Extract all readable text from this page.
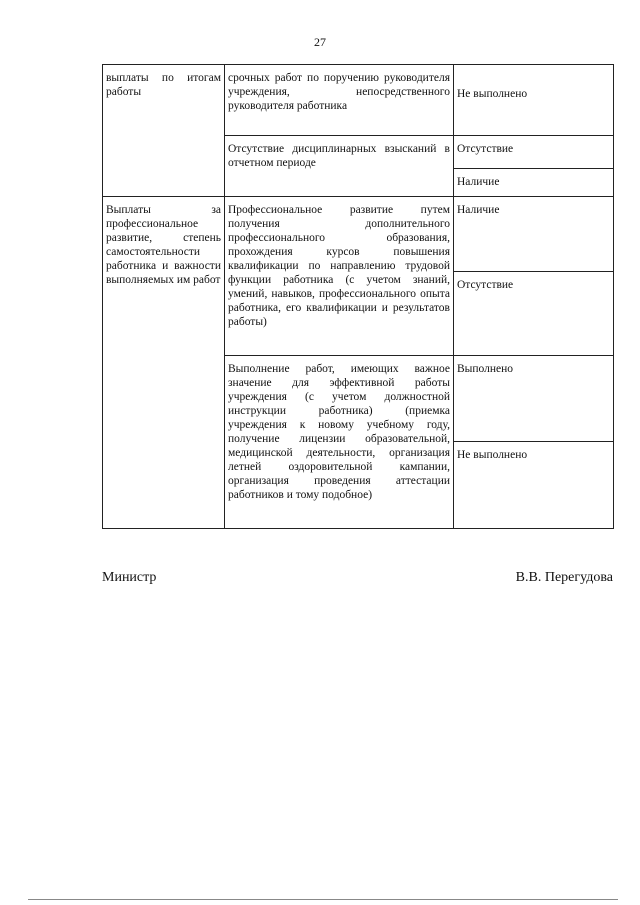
27
выплаты по итогам работы	срочных работ по поручению руководителя учреждения, непосредственного руководителя работника	Не выполнено
	Отсутствие дисциплинарных взысканий в отчетном периоде	Отсутствие
		Наличие
Выплаты за профессиональное развитие, степень самостоятельности работника и важности выполняемых им работ	Профессиональное развитие путем получения дополнительного профессионального образования, прохождения курсов повышения квалификации по направлению трудовой функции работника (с учетом знаний, умений, навыков, профессионального опыта работника, его квалификации и результатов работы)	Наличие
		Отсутствие
	Выполнение работ, имеющих важное значение для эффективной работы учреждения (с учетом должностной инструкции работника) (приемка учреждения к новому учебному году, получение лицензии образовательной, медицинской деятельности, организация летней оздоровительной кампании, организация проведения аттестации работников и тому подобное)	Выполнено
		Не выполнено
Министр	В.В. Перегудова
